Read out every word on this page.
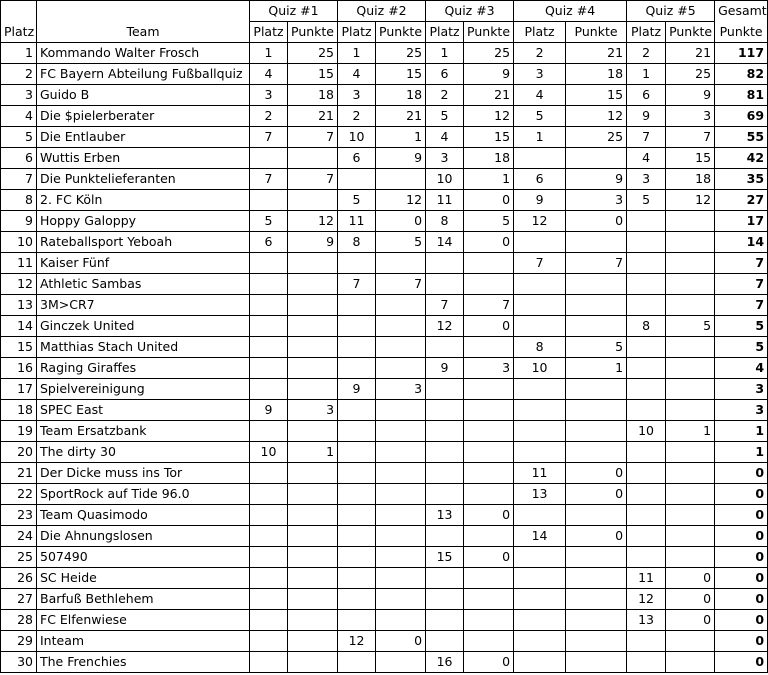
		Quiz #1		Quiz #2		Quiz #3		Quiz #4		Quiz #5		Gesamt
Platz	Team	Platz	Punkte	Platz	Punkte	Platz	Punkte	Platz	Punkte	Platz	Punkte	Punkte
1	Kommando Walter Frosch	1	25	1	25	1	25	2	21	2	21	117
2	FC Bayern Abteilung Fußballquiz	4	15	4	15	6	9	3	18	1	25	82
3	Guido B	3	18	3	18	2	21	4	15	6	9	81
4	Die $pielerberater	2	21	2	21	5	12	5	12	9	3	69
5	Die Entlauber	7	7	10	1	4	15	1	25	7	7	55
6	Wuttis Erben			6	9	3	18			4	15	42
7	Die Punktelieferanten	7	7			10	1	6	9	3	18	35
8	2. FC Köln			5	12	11	0	9	3	5	12	27
9	Hoppy Galoppy	5	12	11	0	8	5	12	0			17
10	Rateballsport Yeboah	6	9	8	5	14	0					14
11	Kaiser Fünf							7	7			7
12	Athletic Sambas			7	7							7
13	3M>CR7					7	7					7
14	Ginczek United					12	0			8	5	5
15	Matthias Stach United							8	5			5
16	Raging Giraffes					9	3	10	1			4
17	Spielvereinigung			9	3							3
18	SPEC East	9	3									3
19	Team Ersatzbank									10	1	1
20	The dirty 30	10	1									1
21	Der Dicke muss ins Tor							11	0			0
22	SportRock auf Tide 96.0							13	0			0
23	Team Quasimodo					13	0					0
24	Die Ahnungslosen							14	0			0
25	507490					15	0					0
26	SC Heide									11	0	0
27	Barfuß Bethlehem									12	0	0
28	FC Elfenwiese									13	0	0
29	Inteam			12	0							0
30	The Frenchies					16	0					0
